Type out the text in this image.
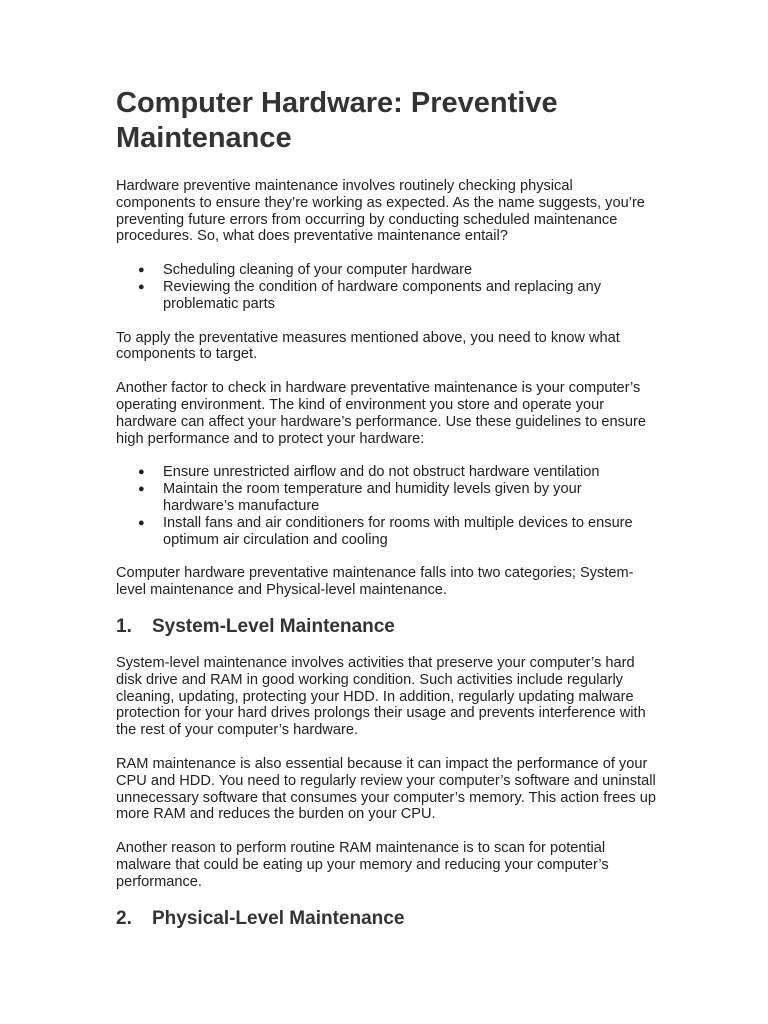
Computer Hardware: Preventive Maintenance

Hardware preventive maintenance involves routinely checking physical components to ensure they’re working as expected. As the name suggests, you’re preventing future errors from occurring by conducting scheduled maintenance procedures. So, what does preventative maintenance entail?

● Scheduling cleaning of your computer hardware
● Reviewing the condition of hardware components and replacing any problematic parts

To apply the preventative measures mentioned above, you need to know what components to target.

Another factor to check in hardware preventative maintenance is your computer’s operating environment. The kind of environment you store and operate your hardware can affect your hardware’s performance. Use these guidelines to ensure high performance and to protect your hardware:

● Ensure unrestricted airflow and do not obstruct hardware ventilation
● Maintain the room temperature and humidity levels given by your hardware’s manufacture
● Install fans and air conditioners for rooms with multiple devices to ensure optimum air circulation and cooling

Computer hardware preventative maintenance falls into two categories; System-level maintenance and Physical-level maintenance.

1.	System-Level Maintenance

System-level maintenance involves activities that preserve your computer’s hard disk drive and RAM in good working condition. Such activities include regularly cleaning, updating, protecting your HDD. In addition, regularly updating malware protection for your hard drives prolongs their usage and prevents interference with the rest of your computer’s hardware.

RAM maintenance is also essential because it can impact the performance of your CPU and HDD. You need to regularly review your computer’s software and uninstall unnecessary software that consumes your computer’s memory. This action frees up more RAM and reduces the burden on your CPU.

Another reason to perform routine RAM maintenance is to scan for potential malware that could be eating up your memory and reducing your computer’s performance.

2.	Physical-Level Maintenance
